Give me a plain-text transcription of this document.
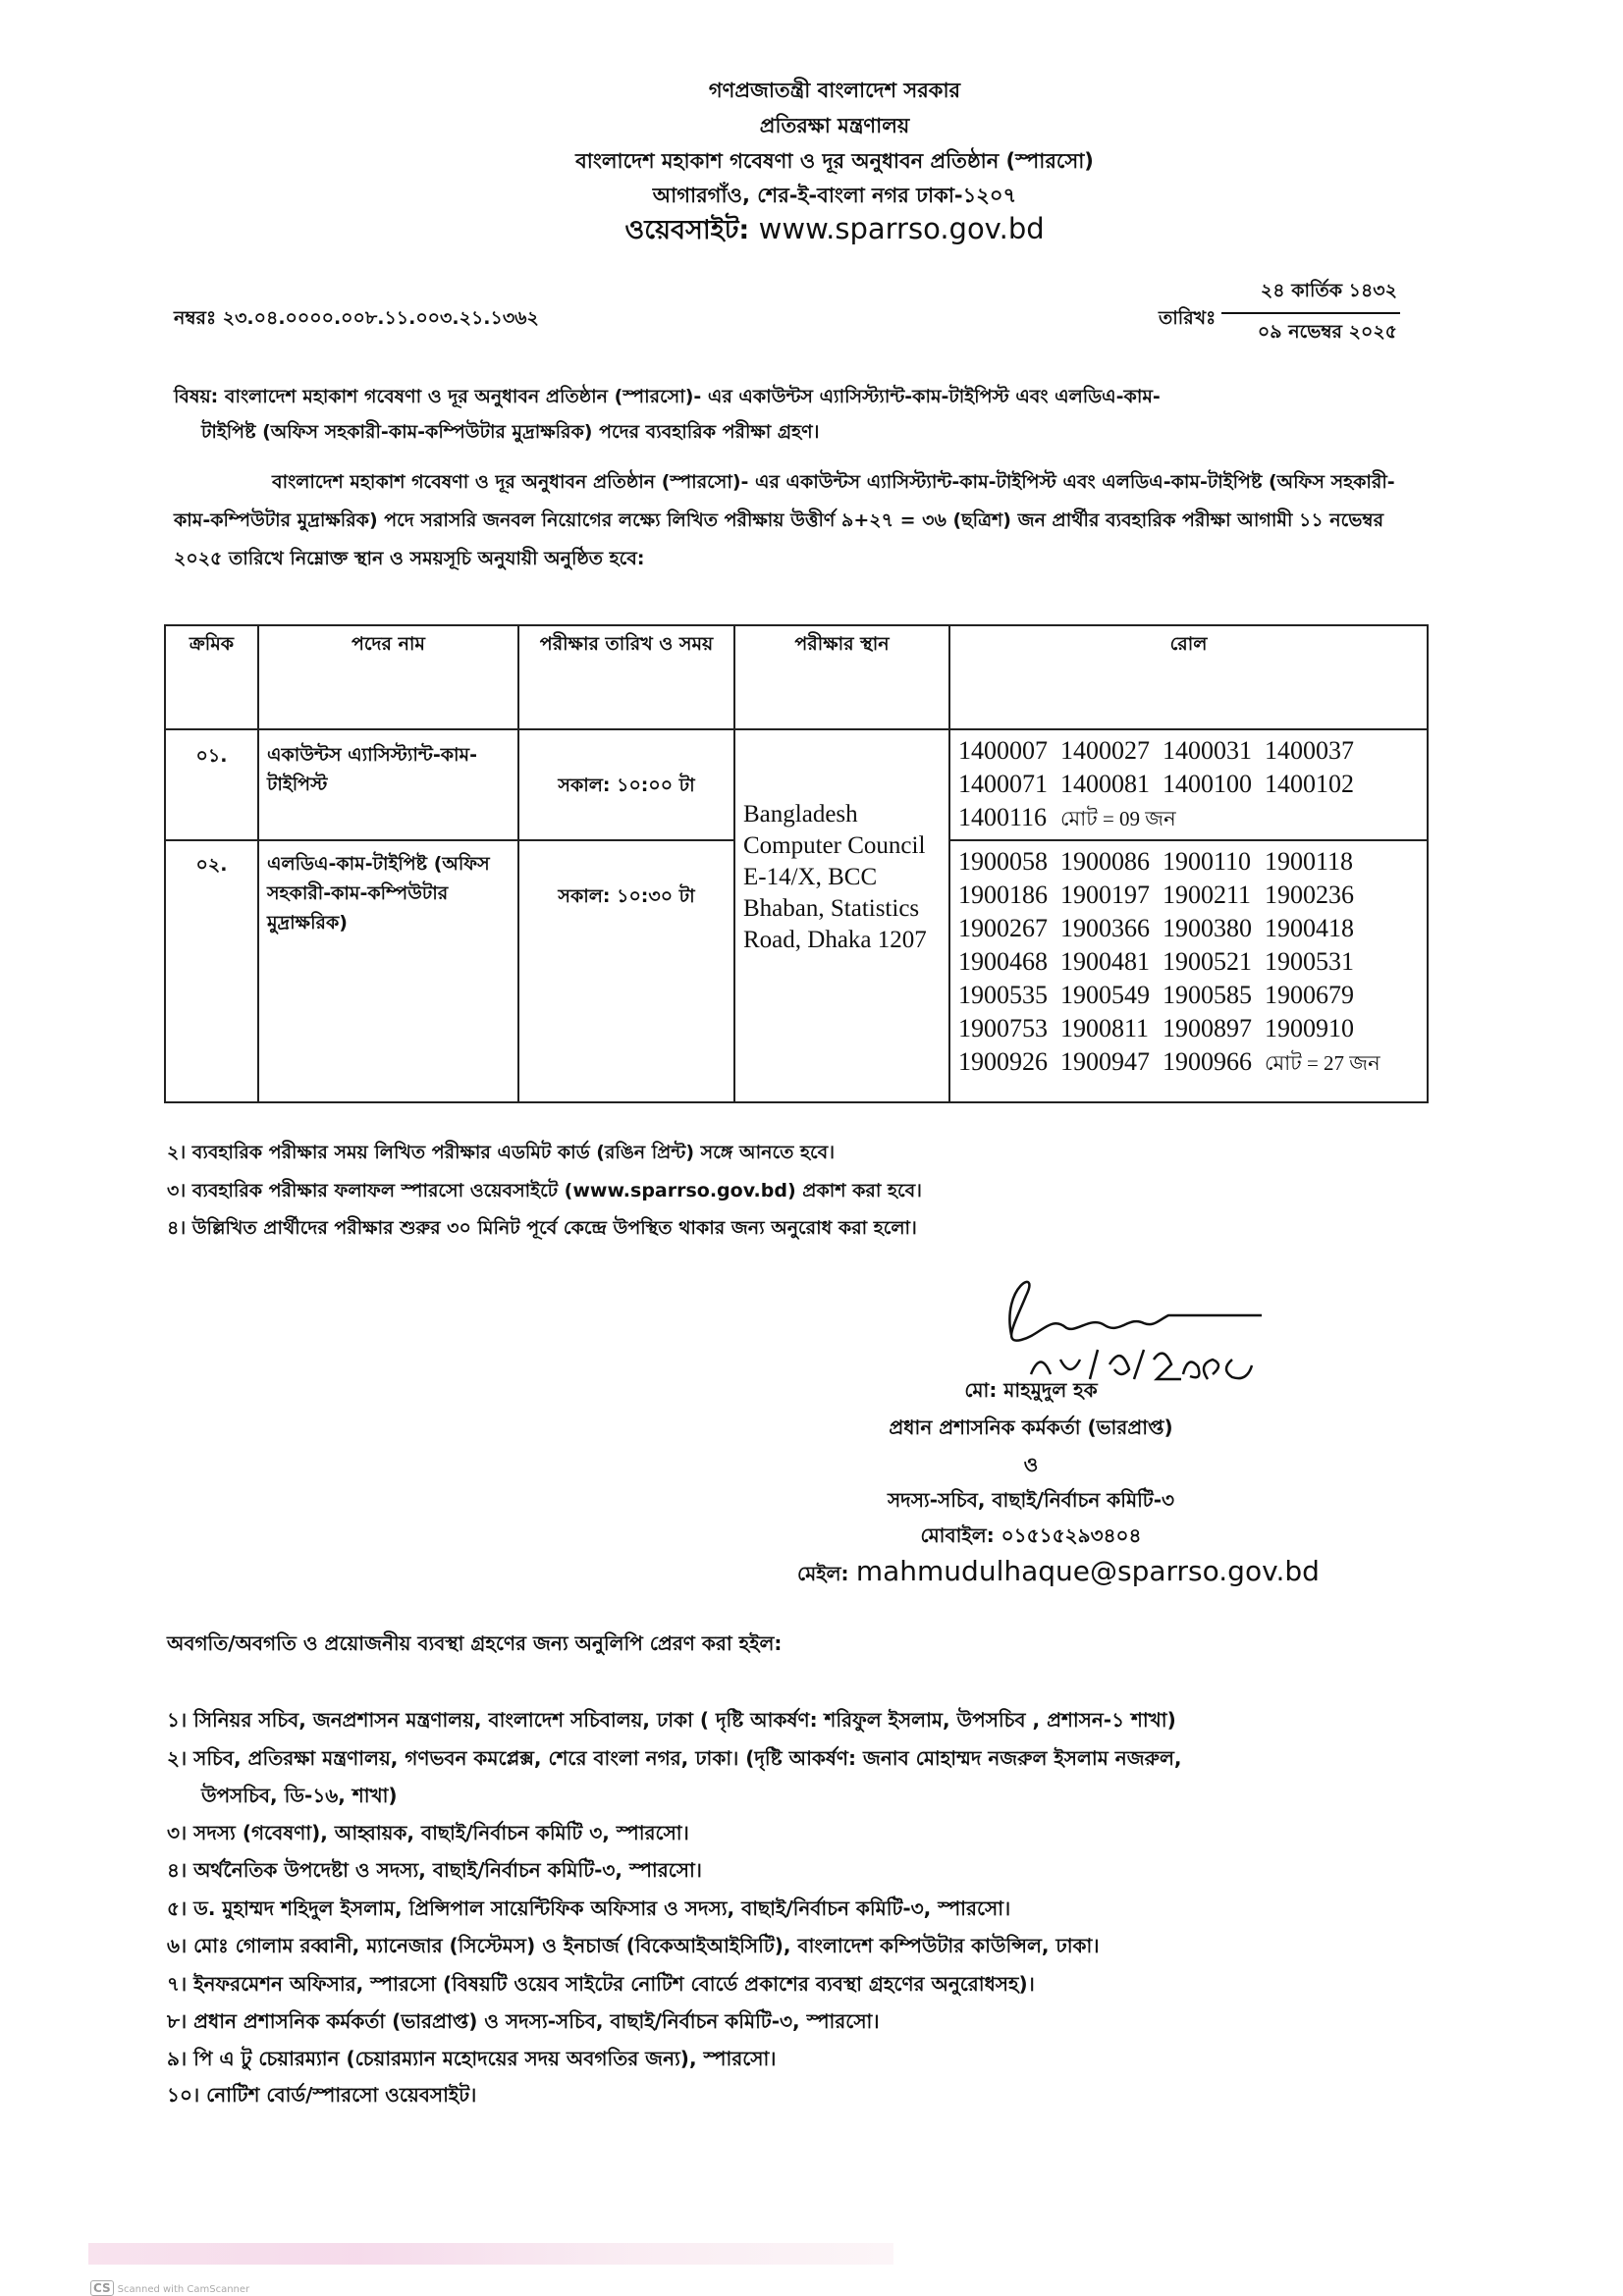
গণপ্রজাতন্ত্রী বাংলাদেশ সরকার
প্রতিরক্ষা মন্ত্রণালয়
বাংলাদেশ মহাকাশ গবেষণা ও দূর অনুধাবন প্রতিষ্ঠান (স্পারসো)
আগারগাঁও, শের-ই-বাংলা নগর ঢাকা-১২০৭
ওয়েবসাইট: www.sparrso.gov.bd
নম্বরঃ ২৩.০৪.০০০০.০০৮.১১.০০৩.২১.১৩৬২	তারিখঃ
২৪ কার্তিক ১৪৩২
০৯ নভেম্বর ২০২৫
বিষয়: বাংলাদেশ মহাকাশ গবেষণা ও দূর অনুধাবন প্রতিষ্ঠান (স্পারসো)- এর একাউন্টস এ্যাসিস্ট্যান্ট-কাম-টাইপিস্ট এবং এলডিএ-কাম-
টাইপিষ্ট (অফিস সহকারী-কাম-কম্পিউটার মুদ্রাক্ষরিক) পদের ব্যবহারিক পরীক্ষা গ্রহণ।
বাংলাদেশ মহাকাশ গবেষণা ও দূর অনুধাবন প্রতিষ্ঠান (স্পারসো)- এর একাউন্টস এ্যাসিস্ট্যান্ট-কাম-টাইপিস্ট এবং এলডিএ-কাম-টাইপিষ্ট (অফিস সহকারী-কাম-কম্পিউটার মুদ্রাক্ষরিক) পদে সরাসরি জনবল নিয়োগের লক্ষ্যে লিখিত পরীক্ষায় উত্তীর্ণ ৯+২৭ = ৩৬ (ছত্রিশ) জন প্রার্থীর ব্যবহারিক পরীক্ষা আগামী ১১ নভেম্বর ২০২৫ তারিখে নিম্নোক্ত স্থান ও সময়সূচি অনুযায়ী অনুষ্ঠিত হবে:
ক্রমিক	পদের নাম	পরীক্ষার তারিখ ও সময়	পরীক্ষার স্থান	রোল
০১.	একাউন্টস এ্যাসিস্ট্যান্ট-কাম-টাইপিস্ট	সকাল: ১০:০০ টা	Bangladesh Computer Council E-14/X, BCC Bhaban, Statistics Road, Dhaka 1207	1400007 1400027 1400031 14000371400071 1400081 1400100 14001021400116 মোট = 09 জন

০২.	এলডিএ-কাম-টাইপিষ্ট (অফিস সহকারী-কাম-কম্পিউটার মুদ্রাক্ষরিক)	সকাল: ১০:৩০ টা		1900058 1900086 1900110 19001181900186 1900197 1900211 19002361900267 1900366 1900380 19004181900468 1900481 1900521 19005311900535 1900549 1900585 19006791900753 1900811 1900897 19009101900926 1900947 1900966 মোট = 27 জন
২। ব্যবহারিক পরীক্ষার সময় লিখিত পরীক্ষার এডমিট কার্ড (রঙিন প্রিন্ট) সঙ্গে আনতে হবে।
৩। ব্যবহারিক পরীক্ষার ফলাফল স্পারসো ওয়েবসাইটে (www.sparrso.gov.bd) প্রকাশ করা হবে।
৪। উল্লিখিত প্রার্থীদের পরীক্ষার শুরুর ৩০ মিনিট পূর্বে কেন্দ্রে উপস্থিত থাকার জন্য অনুরোধ করা হলো।
মো: মাহমুদুল হক
প্রধান প্রশাসনিক কর্মকর্তা (ভারপ্রাপ্ত)
ও
সদস্য-সচিব, বাছাই/নির্বাচন কমিটি-৩
মোবাইল: ০১৫১৫২৯৩৪০৪
মেইল: mahmudulhaque@sparrso.gov.bd
অবগতি/অবগতি ও প্রয়োজনীয় ব্যবস্থা গ্রহণের জন্য অনুলিপি প্রেরণ করা হইল:
১। সিনিয়র সচিব, জনপ্রশাসন মন্ত্রণালয়, বাংলাদেশ সচিবালয়, ঢাকা ( দৃষ্টি আকর্ষণ: শরিফুল ইসলাম, উপসচিব , প্রশাসন-১ শাখা)
২। সচিব, প্রতিরক্ষা মন্ত্রণালয়, গণভবন কমপ্লেক্স, শেরে বাংলা নগর, ঢাকা। (দৃষ্টি আকর্ষণ: জনাব মোহাম্মদ নজরুল ইসলাম নজরুল,
উপসচিব, ডি-১৬, শাখা)
৩। সদস্য (গবেষণা), আহ্বায়ক, বাছাই/নির্বাচন কমিটি ৩, স্পারসো।
৪। অর্থনৈতিক উপদেষ্টা ও সদস্য, বাছাই/নির্বাচন কমিটি-৩, স্পারসো।
৫। ড. মুহাম্মদ শহিদুল ইসলাম, প্রিন্সিপাল সায়েন্টিফিক অফিসার ও সদস্য, বাছাই/নির্বাচন কমিটি-৩, স্পারসো।
৬। মোঃ গোলাম রব্বানী, ম্যানেজার (সিস্টেমস) ও ইনচার্জ (বিকেআইআইসিটি), বাংলাদেশ কম্পিউটার কাউন্সিল, ঢাকা।
৭। ইনফরমেশন অফিসার, স্পারসো (বিষয়টি ওয়েব সাইটের নোটিশ বোর্ডে প্রকাশের ব্যবস্থা গ্রহণের অনুরোধসহ)।
৮। প্রধান প্রশাসনিক কর্মকর্তা (ভারপ্রাপ্ত) ও সদস্য-সচিব, বাছাই/নির্বাচন কমিটি-৩, স্পারসো।
৯। পি এ টু চেয়ারম্যান (চেয়ারম্যান মহোদয়ের সদয় অবগতির জন্য), স্পারসো।
১০। নোটিশ বোর্ড/স্পারসো ওয়েবসাইট।
CS Scanned with CamScanner
